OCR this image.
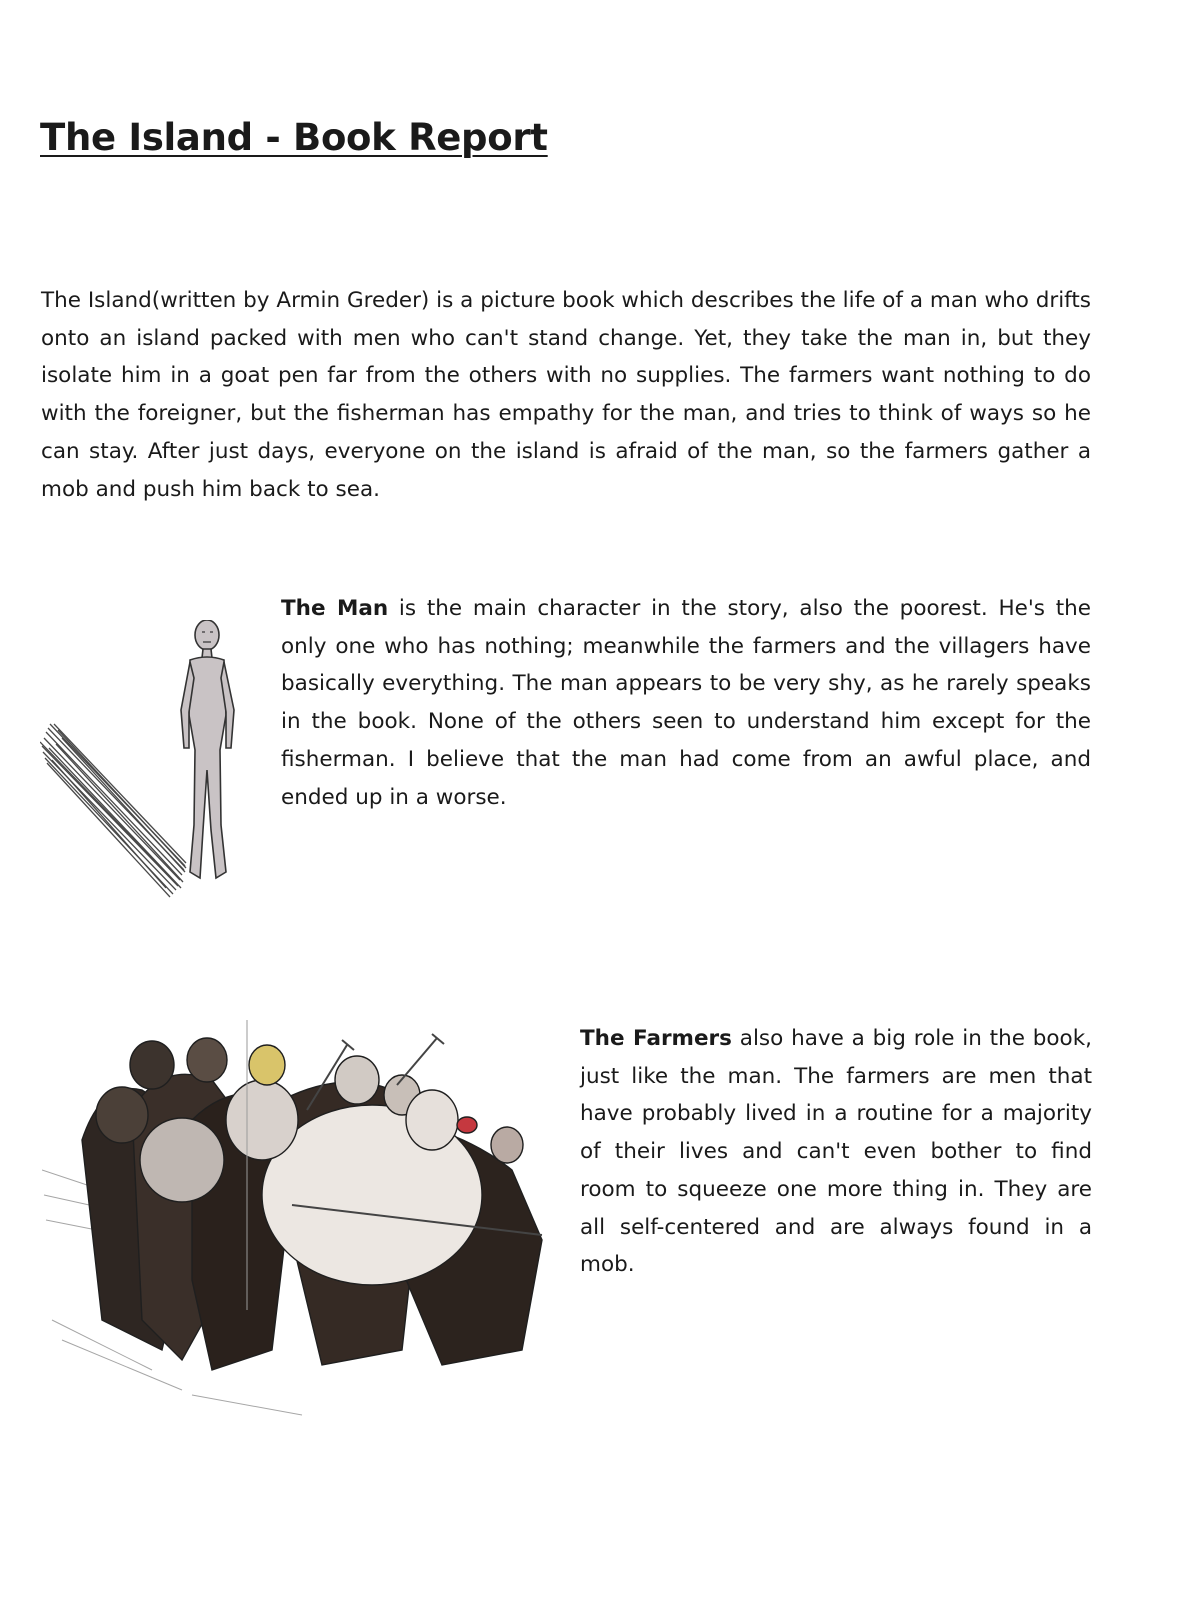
The Island - Book Report

The Island(written by Armin Greder) is a picture book which describes the life of a man who drifts onto an island packed with men who can't stand change. Yet, they take the man in, but they isolate him in a goat pen far from the others with no supplies. The farmers want nothing to do with the foreigner, but the fisherman has empathy for the man, and tries to think of ways so he can stay. After just days, everyone on the island is afraid of the man, so the farmers gather a mob and push him back to sea.

The Man is the main character in the story, also the poorest. He's the only one who has nothing; meanwhile the farmers and the villagers have basically everything. The man appears to be very shy, as he rarely speaks in the book. None of the others seen to understand him except for the fisherman. I believe that the man had come from an awful place, and ended up in a worse.
The Farmers also have a big role in the book, just like the man. The farmers are men that have probably lived in a routine for a majority of their lives and can't even bother to find room to squeeze one more thing in. They are all self-centered and are always found in a mob.
